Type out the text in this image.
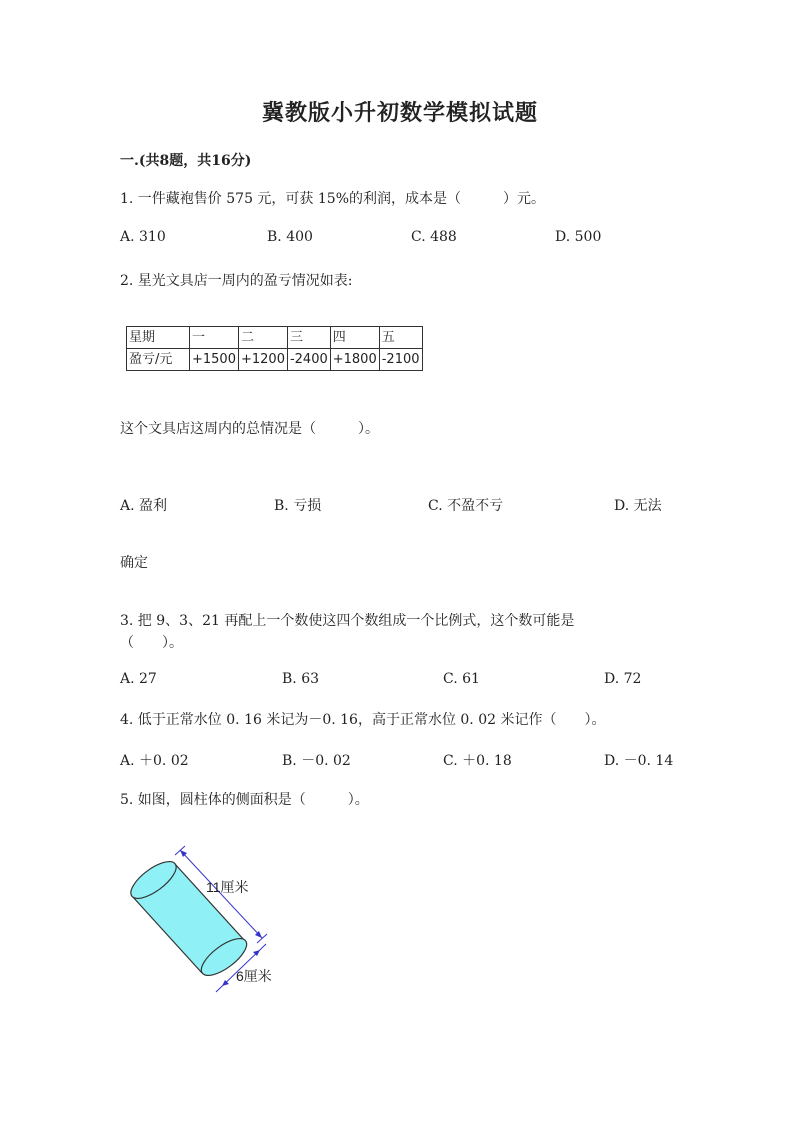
冀教版小升初数学模拟试题
一.(共8题，共16分)
1. 一件藏袍售价 575 元，可获 15%的利润，成本是（　　　）元。
A. 310	B. 400	C. 488	D. 500
2. 星光文具店一周内的盈亏情况如表:
星期	一	二	三	四	五
盈亏/元	+1500	+1200	-2400	+1800	-2100
这个文具店这周内的总情况是（　　　）。
A. 盈利	B. 亏损	C. 不盈不亏	D. 无法
确定
3. 把 9、3、21 再配上一个数使这四个数组成一个比例式，这个数可能是
（　　）。
A. 27	B. 63	C. 61	D. 72
4. 低于正常水位 0. 16 米记为－0. 16，高于正常水位 0. 02 米记作（　　）。
A. ＋0. 02	B. －0. 02	C. ＋0. 18	D. －0. 14
5. 如图，圆柱体的侧面积是（　　　）。
11厘米
6厘米
